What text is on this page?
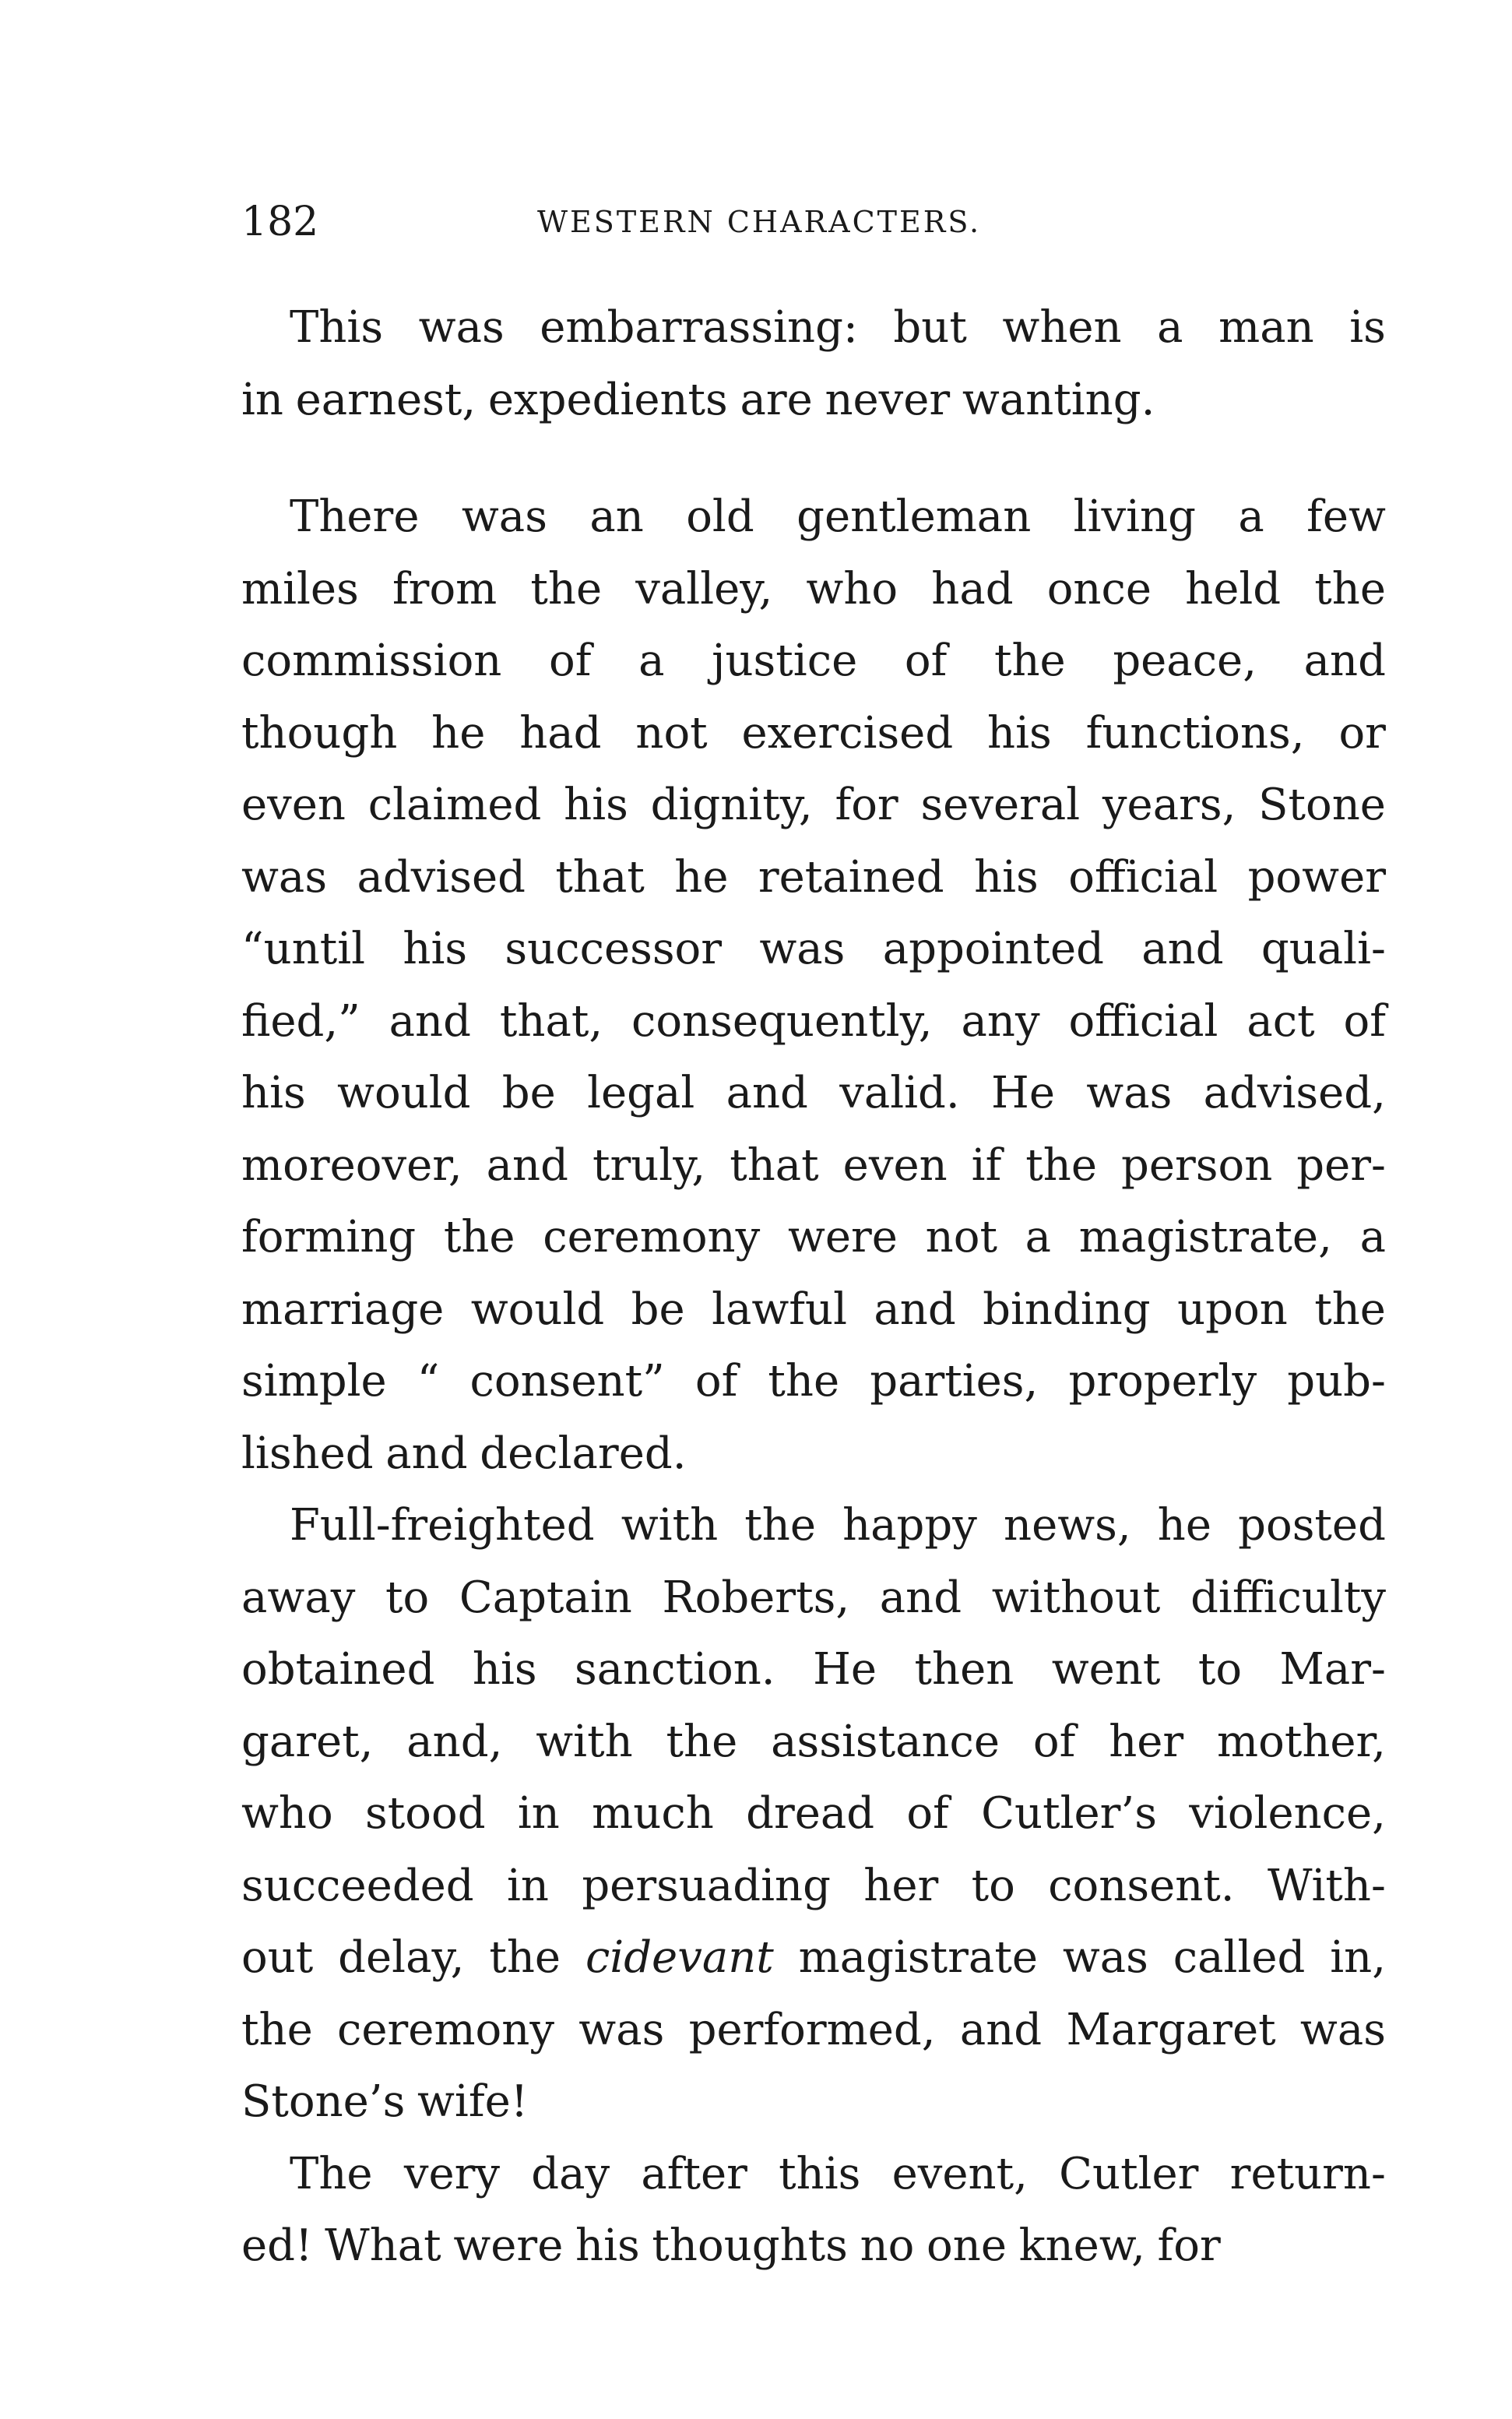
182	WESTERN CHARACTERS.
This was embarrassing: but when a man is
in earnest, expedients are never wanting.
There was an old gentleman living a few
miles from the valley, who had once held the
commission of a justice of the peace, and
though he had not exercised his functions, or
even claimed his dignity, for several years, Stone
was advised that he retained his official power
“until his successor was appointed and quali-
fied,” and that, consequently, any official act of
his would be legal and valid. He was advised,
moreover, and truly, that even if the person per-
forming the ceremony were not a magistrate, a
marriage would be lawful and binding upon the
simple “ consent” of the parties, properly pub-
lished and declared.
Full-freighted with the happy news, he posted
away to Captain Roberts, and without difficulty
obtained his sanction. He then went to Mar-
garet, and, with the assistance of her mother,
who stood in much dread of Cutler’s violence,
succeeded in persuading her to consent. With-
out delay, the cidevant magistrate was called in,
the ceremony was performed, and Margaret was
Stone’s wife!
The very day after this event, Cutler return-
ed! What were his thoughts no one knew, for
